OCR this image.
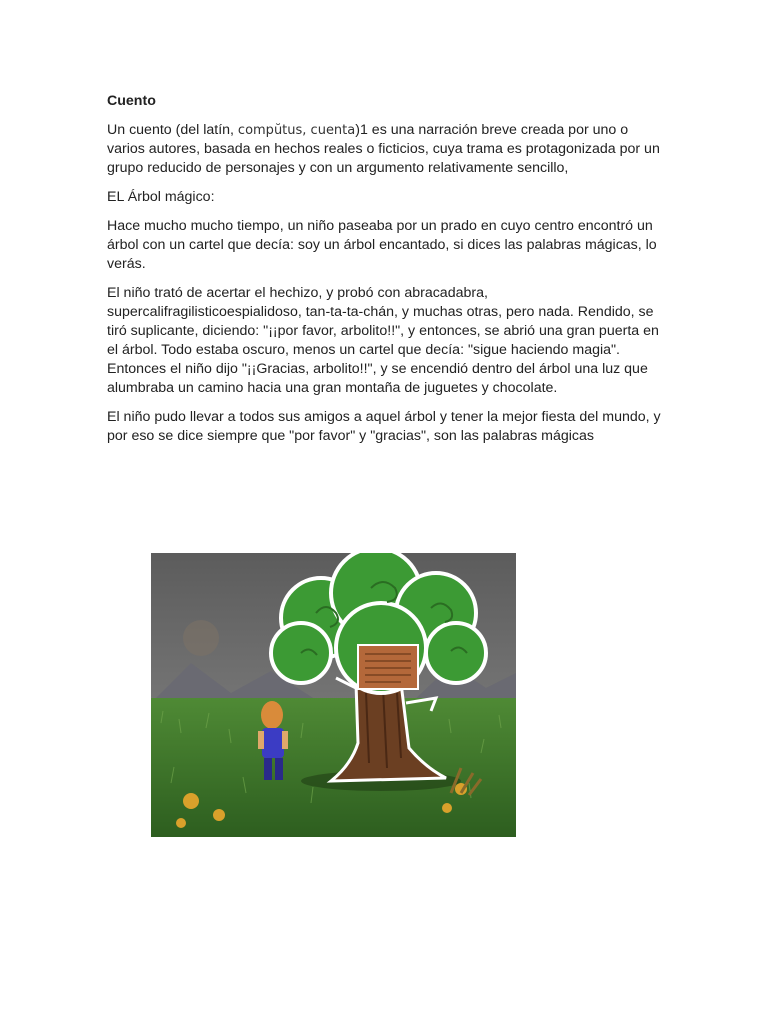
Cuento

Un cuento (del latín, compŭtus, cuenta)1 es una narración breve creada por uno o varios autores, basada en hechos reales o ficticios, cuya trama es protagonizada por un grupo reducido de personajes y con un argumento relativamente sencillo,

EL Árbol mágico:

Hace mucho mucho tiempo, un niño paseaba por un prado en cuyo centro encontró un árbol con un cartel que decía: soy un árbol encantado, si dices las palabras mágicas, lo verás.

El niño trató de acertar el hechizo, y probó con abracadabra, supercalifragilisticoespialidoso, tan-ta-ta-chán, y muchas otras, pero nada. Rendido, se tiró suplicante, diciendo: "¡¡por favor, arbolito!!", y entonces, se abrió una gran puerta en el árbol. Todo estaba oscuro, menos un cartel que decía: "sigue haciendo magia". Entonces el niño dijo "¡¡Gracias, arbolito!!", y se encendió dentro del árbol una luz que alumbraba un camino hacia una gran montaña de juguetes y chocolate.

El niño pudo llevar a todos sus amigos a aquel árbol y tener la mejor fiesta del mundo, y por eso se dice siempre que "por favor" y "gracias", son las palabras mágicas
